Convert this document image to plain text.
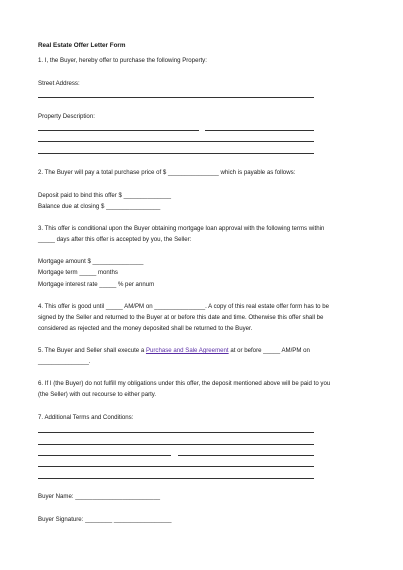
Real Estate Offer Letter Form
1. I, the Buyer, hereby offer to purchase the following Property:
Street Address:
Property Description:
2. The Buyer will pay a total purchase price of $ _______________ which is payable as follows:
Deposit paid to bind this offer $ ______________
Balance due at closing $ ________________
3. This offer is conditional upon the Buyer obtaining mortgage loan approval with the following terms within
_____ days after this offer is accepted by you, the Seller:
Mortgage amount $ _______________
Mortgage term _____ months
Mortgage interest rate _____ % per annum
4. This offer is good until _____ AM/PM on _______________. A copy of this real estate offer form has to be
signed by the Seller and returned to the Buyer at or before this date and time. Otherwise this offer shall be
considered as rejected and the money deposited shall be returned to the Buyer.
5. The Buyer and Seller shall execute a Purchase and Sale Agreement at or before _____ AM/PM on
_______________.
6. If I (the Buyer) do not fulfill my obligations under this offer, the deposit mentioned above will be paid to you
(the Seller) with out recourse to either party.
7. Additional Terms and Conditions:
Buyer Name: _________________________
Buyer Signature: ________ _________________
